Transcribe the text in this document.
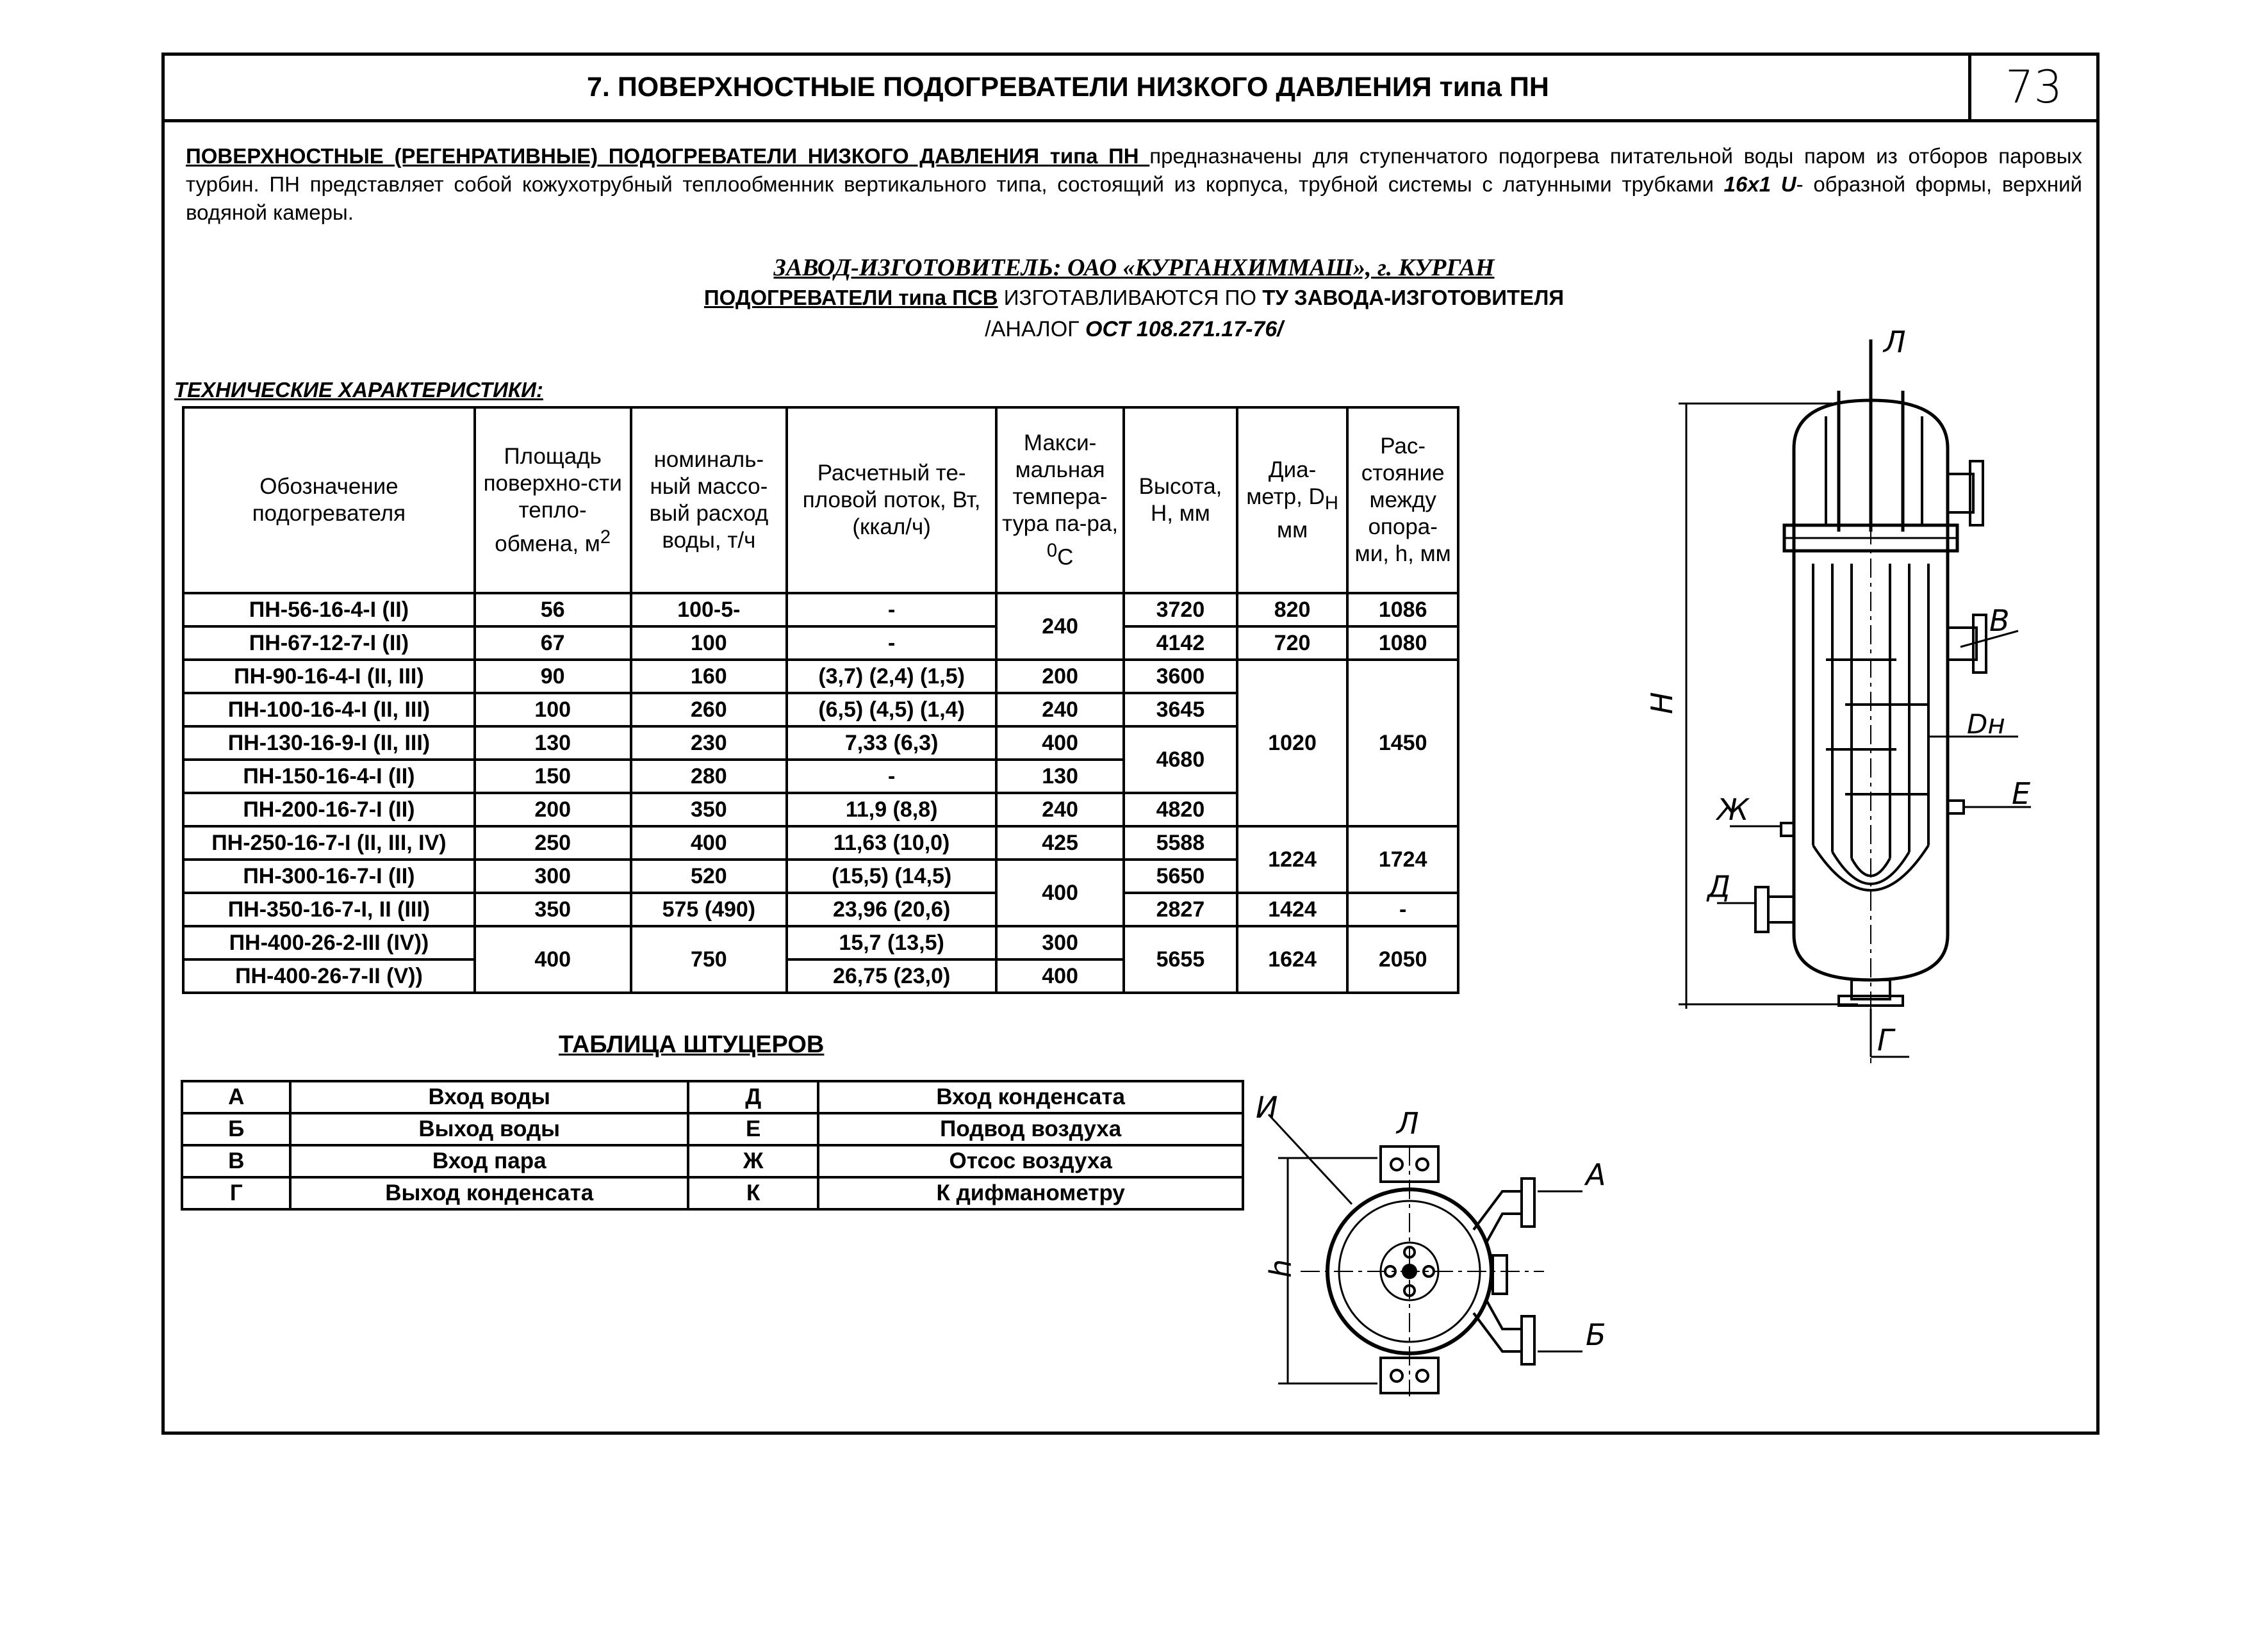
7. ПОВЕРХНОСТНЫЕ ПОДОГРЕВАТЕЛИ НИЗКОГО ДАВЛЕНИЯ типа ПН	73
ПОВЕРХНОСТНЫЕ (РЕГЕНРАТИВНЫЕ) ПОДОГРЕВАТЕЛИ НИЗКОГО ДАВЛЕНИЯ типа ПН предназначены для ступенчатого подогрева питательной воды паром из отборов паровых турбин. ПН представляет собой кожухотрубный теплообменник вертикального типа, состоящий из корпуса, трубной системы с латунными трубками 16x1 U- образной формы, верхний водяной камеры.
ЗАВОД-ИЗГОТОВИТЕЛЬ: ОАО «КУРГАНХИММАШ», г. КУРГАН
ПОДОГРЕВАТЕЛИ типа ПСВ ИЗГОТАВЛИВАЮТСЯ ПО ТУ ЗАВОДА-ИЗГОТОВИТЕЛЯ
/АНАЛОГ ОСТ 108.271.17-76/
ТЕХНИЧЕСКИЕ ХАРАКТЕРИСТИКИ:
Обозначение подогревателя	Площадь поверхно-сти тепло-обмена, $м^2$	номиналь-ный массо-вый расход воды, т/ч	Расчетный те-пловой поток, Вт, (ккал/ч)	Макси-мальная темпера-тура па-ра, $^0$С	Высота, Н, мм	Диа-метр, $D_Н$ мм	Рас-стояние между опора-ми, h, мм
ПН-56-16-4-I (II)	56	100-5-	-	240	3720	820	1086
ПН-67-12-7-I (II)	67	100	-		4142	720	1080
ПН-90-16-4-I (II, III)	90	160	(3,7) (2,4) (1,5)	200	3600	1020	1450
ПН-100-16-4-I (II, III)	100	260	(6,5) (4,5) (1,4)	240	3645		
ПН-130-16-9-I (II, III)	130	230	7,33 (6,3)	400	4680		
ПН-150-16-4-I (II)	150	280	-	130			
ПН-200-16-7-I (II)	200	350	11,9 (8,8)	240	4820		
ПН-250-16-7-I (II, III, IV)	250	400	11,63 (10,0)	425	5588	1224	1724
ПН-300-16-7-I (II)	300	520	(15,5) (14,5)	400	5650		
ПН-350-16-7-I, II (III)	350	575 (490)	23,96 (20,6)		2827	1424	-
ПН-400-26-2-III (IV))	400	750	15,7 (13,5)	300	5655	1624	2050
ПН-400-26-7-II (V))			26,75 (23,0)	400			
ТАБЛИЦА ШТУЦЕРОВ
А	Вход воды	Д	Вход конденсата
Б	Выход воды	Е	Подвод воздуха
В	Вход пара	Ж	Отсос воздуха
Г	Выход конденсата	К	К дифманометру
Л
В
Dн
Е
Ж
Д
Г
Н
И	Л
А
Б
h
